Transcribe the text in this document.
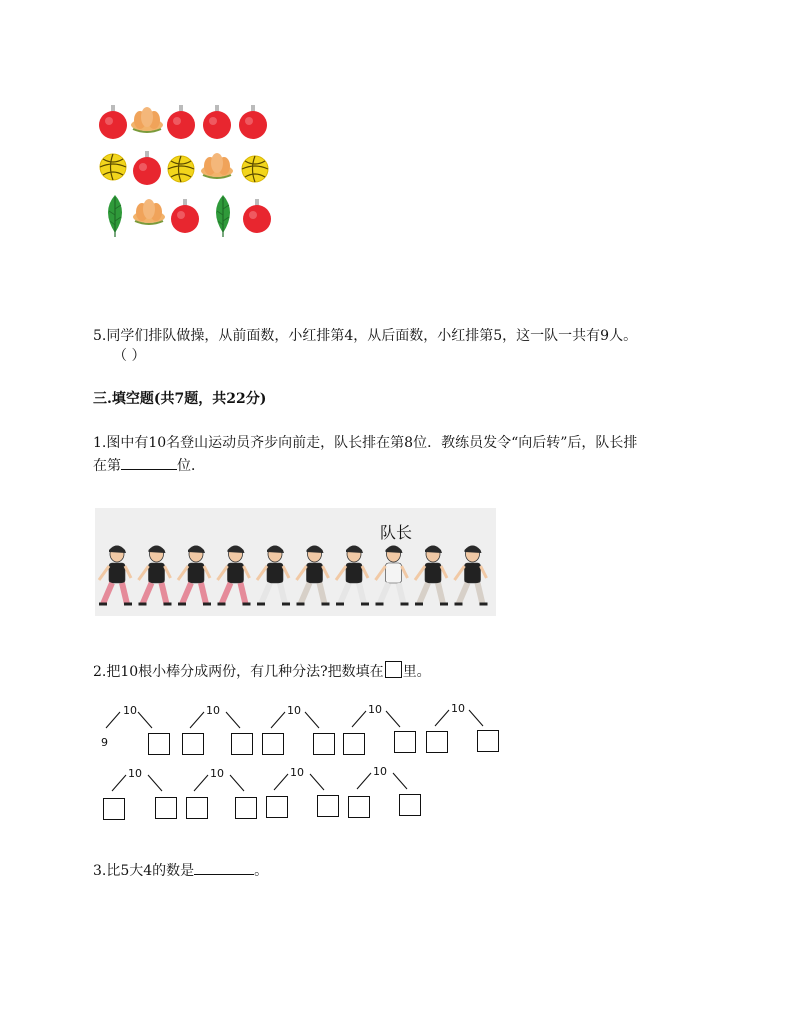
5.同学们排队做操，从前面数，小红排第4，从后面数，小红排第5，这一队一共有9人。
（ ）
三.填空题(共7题，共22分)
1.图中有10名登山运动员齐步向前走，队长排在第8位．教练员发令“向后转”后，队长排
在第	位．
队长
2.把10根小棒分成两份，有几种分法?把数填在 里。
10
9
10	10	10	10
10	10	10	10
3.比5大4的数是	。
